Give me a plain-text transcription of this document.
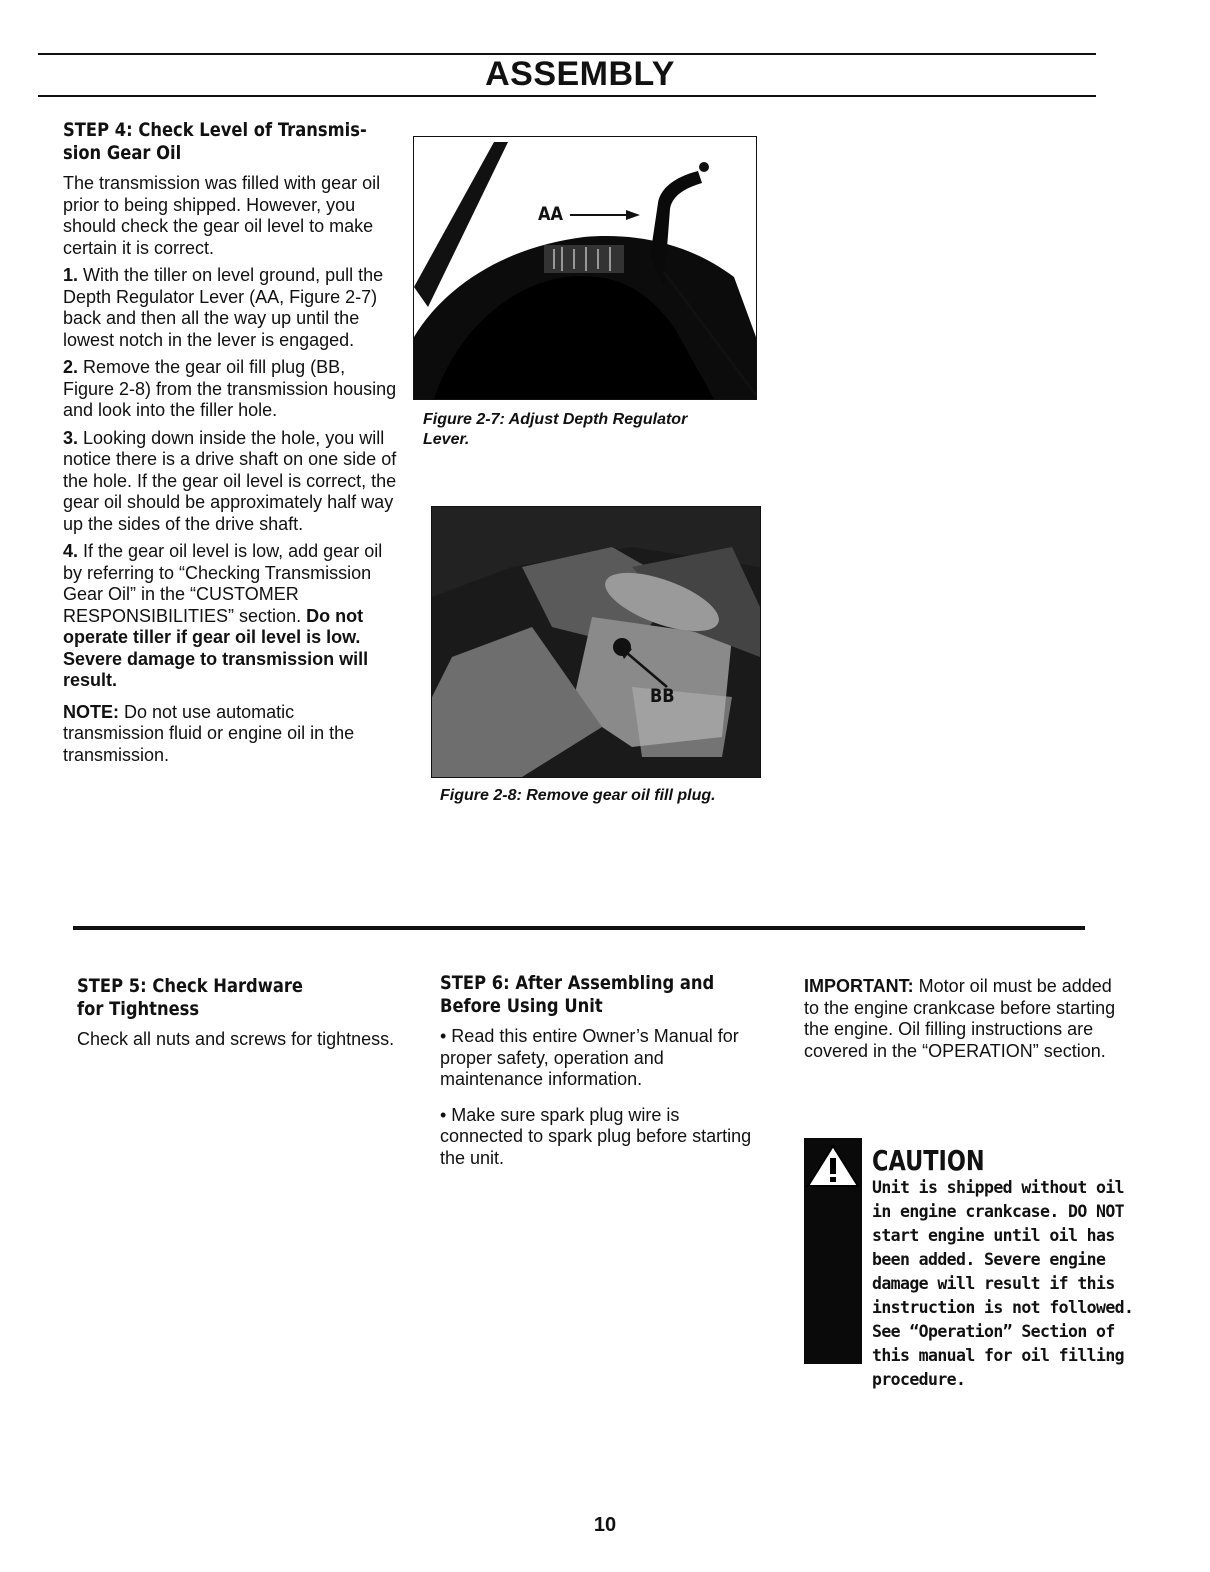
ASSEMBLY
STEP 4: Check Level of Transmis-
sion Gear Oil

The transmission was filled with gear oil prior to being shipped. However, you should check the gear oil level to make certain it is correct.

1. With the tiller on level ground, pull the Depth Regulator Lever (AA, Figure 2-7) back and then all the way up until the lowest notch in the lever is engaged.

2. Remove the gear oil fill plug (BB, Figure 2-8) from the transmission housing and look into the filler hole.

3. Looking down inside the hole, you will notice there is a drive shaft on one side of the hole. If the gear oil level is correct, the gear oil should be approximately half way up the sides of the drive shaft.

4. If the gear oil level is low, add gear oil by referring to “Checking Transmission Gear Oil” in the “CUSTOMER RESPONSIBILITIES” section. Do not operate tiller if gear oil level is low. Severe damage to transmission will result.

NOTE: Do not use automatic transmission fluid or engine oil in the transmission.

AA
Figure 2-7: Adjust Depth Regulator
Lever.
BB
Figure 2-8: Remove gear oil fill plug.
STEP 5: Check Hardware
for Tightness
Check all nuts and screws for tightness.
STEP 6: After Assembling and
Before Using Unit

• Read this entire Owner’s Manual for proper safety, operation and maintenance information.

• Make sure spark plug wire is connected to spark plug before starting the unit.

IMPORTANT: Motor oil must be added to the engine crankcase before starting the engine. Oil filling instructions are covered in the “OPERATION” section.
CAUTION
Unit is shipped without oil in engine crankcase. DO NOT start engine until oil has been added. Severe engine damage will result if this instruction is not followed. See “Operation” Section of this manual for oil filling procedure.
10
